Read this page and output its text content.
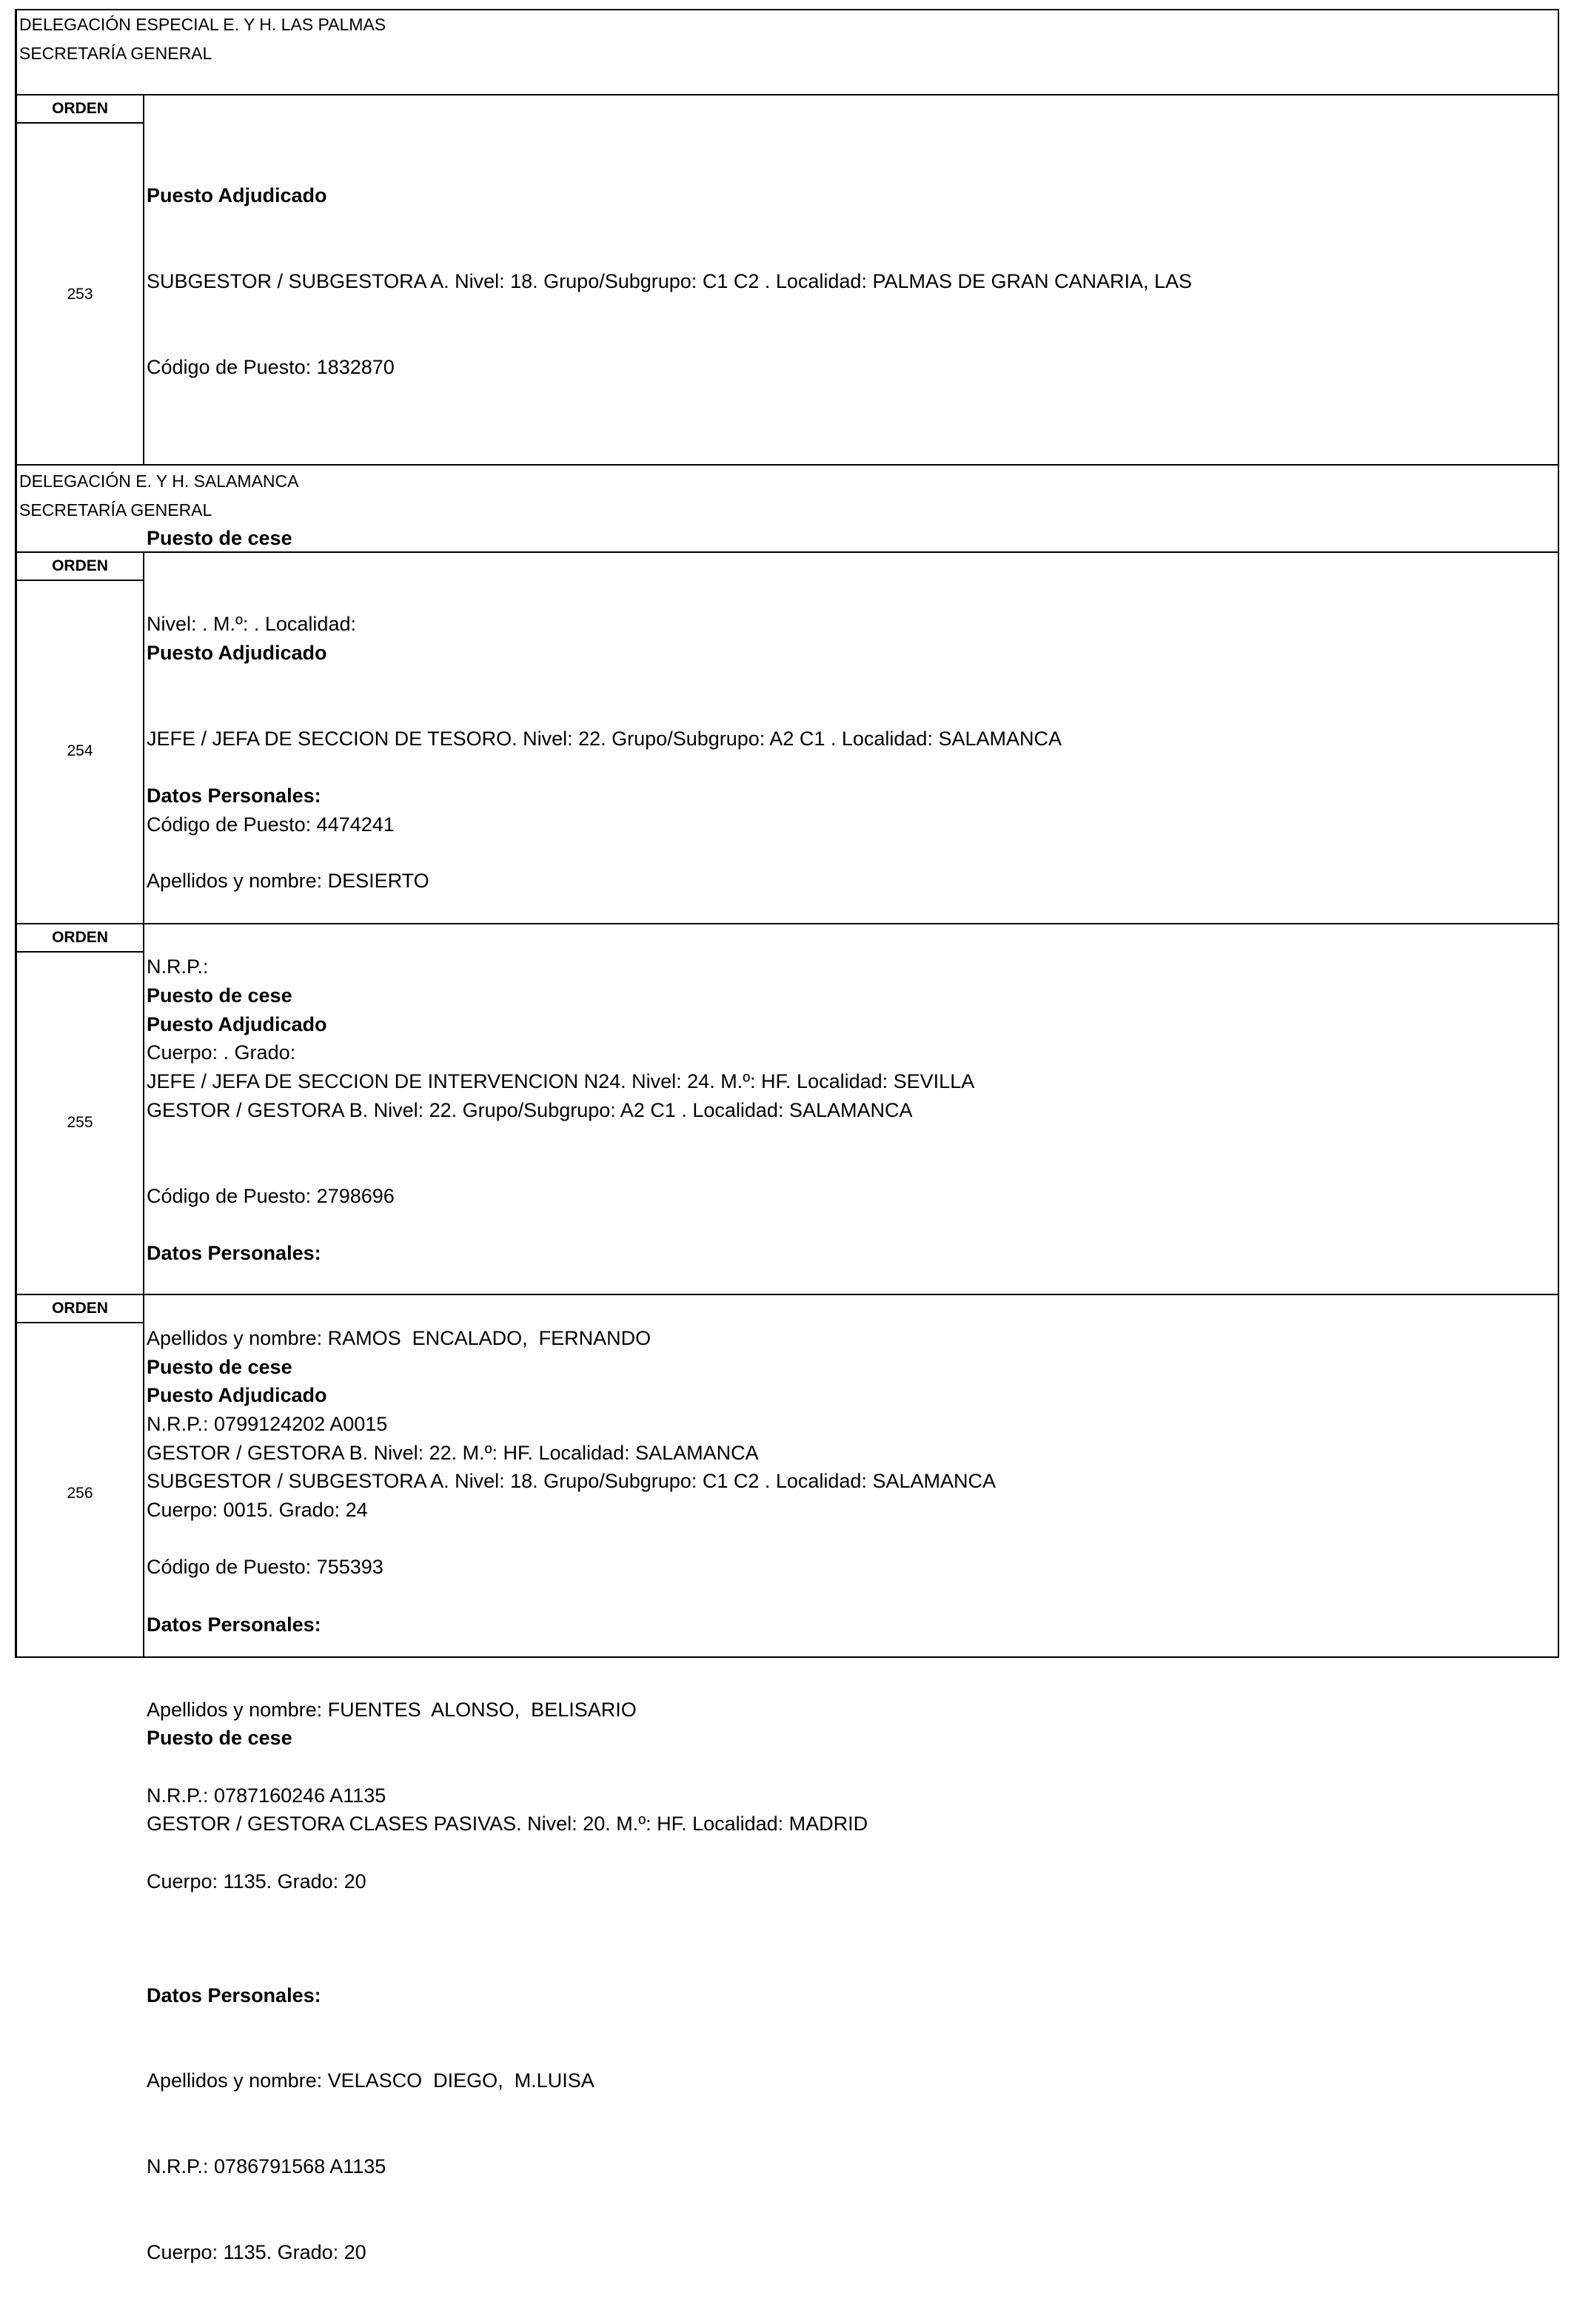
DELEGACIÓN ESPECIAL E. Y H. LAS PALMAS
SECRETARÍA GENERAL
ORDEN
253

Puesto Adjudicado

SUBGESTOR / SUBGESTORA A. Nivel: 18. Grupo/Subgrupo: C1 C2 . Localidad: PALMAS DE GRAN CANARIA, LAS

Código de Puesto: 1832870

Puesto de cese

Nivel: . M.º: . Localidad:

Datos Personales:

Apellidos y nombre: DESIERTO

N.R.P.:

Cuerpo: . Grado:

DELEGACIÓN E. Y H. SALAMANCA
SECRETARÍA GENERAL
ORDEN
254

Puesto Adjudicado

JEFE / JEFA DE SECCION DE TESORO. Nivel: 22. Grupo/Subgrupo: A2 C1 . Localidad: SALAMANCA

Código de Puesto: 4474241

Puesto de cese

JEFE / JEFA DE SECCION DE INTERVENCION N24. Nivel: 24. M.º: HF. Localidad: SEVILLA

Datos Personales:

Apellidos y nombre: RAMOS  ENCALADO,  FERNANDO

N.R.P.: 0799124202 A0015

Cuerpo: 0015. Grado: 24

ORDEN
255

Puesto Adjudicado

GESTOR / GESTORA B. Nivel: 22. Grupo/Subgrupo: A2 C1 . Localidad: SALAMANCA

Código de Puesto: 2798696

Puesto de cese

GESTOR / GESTORA B. Nivel: 22. M.º: HF. Localidad: SALAMANCA

Datos Personales:

Apellidos y nombre: FUENTES  ALONSO,  BELISARIO

N.R.P.: 0787160246 A1135

Cuerpo: 1135. Grado: 20

ORDEN
256

Puesto Adjudicado

SUBGESTOR / SUBGESTORA A. Nivel: 18. Grupo/Subgrupo: C1 C2 . Localidad: SALAMANCA

Código de Puesto: 755393

Puesto de cese

GESTOR / GESTORA CLASES PASIVAS. Nivel: 20. M.º: HF. Localidad: MADRID

Datos Personales:

Apellidos y nombre: VELASCO  DIEGO,  M.LUISA

N.R.P.: 0786791568 A1135

Cuerpo: 1135. Grado: 20
